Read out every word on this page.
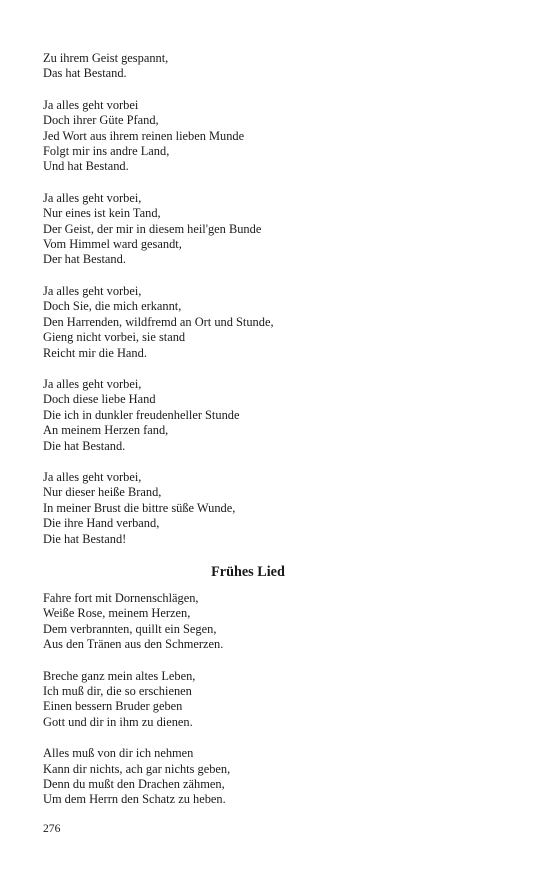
Zu ihrem Geist gespannt,
Das hat Bestand.
Ja alles geht vorbei
Doch ihrer Güte Pfand,
Jed Wort aus ihrem reinen lieben Munde
Folgt mir ins andre Land,
Und hat Bestand.
Ja alles geht vorbei,
Nur eines ist kein Tand,
Der Geist, der mir in diesem heil'gen Bunde
Vom Himmel ward gesandt,
Der hat Bestand.
Ja alles geht vorbei,
Doch Sie, die mich erkannt,
Den Harrenden, wildfremd an Ort und Stunde,
Gieng nicht vorbei, sie stand
Reicht mir die Hand.
Ja alles geht vorbei,
Doch diese liebe Hand
Die ich in dunkler freudenheller Stunde
An meinem Herzen fand,
Die hat Bestand.
Ja alles geht vorbei,
Nur dieser heiße Brand,
In meiner Brust die bittre süße Wunde,
Die ihre Hand verband,
Die hat Bestand!
Frühes Lied
Fahre fort mit Dornenschlägen,
Weiße Rose, meinem Herzen,
Dem verbrannten, quillt ein Segen,
Aus den Tränen aus den Schmerzen.
Breche ganz mein altes Leben,
Ich muß dir, die so erschienen
Einen bessern Bruder geben
Gott und dir in ihm zu dienen.
Alles muß von dir ich nehmen
Kann dir nichts, ach gar nichts geben,
Denn du mußt den Drachen zähmen,
Um dem Herrn den Schatz zu heben.
276
